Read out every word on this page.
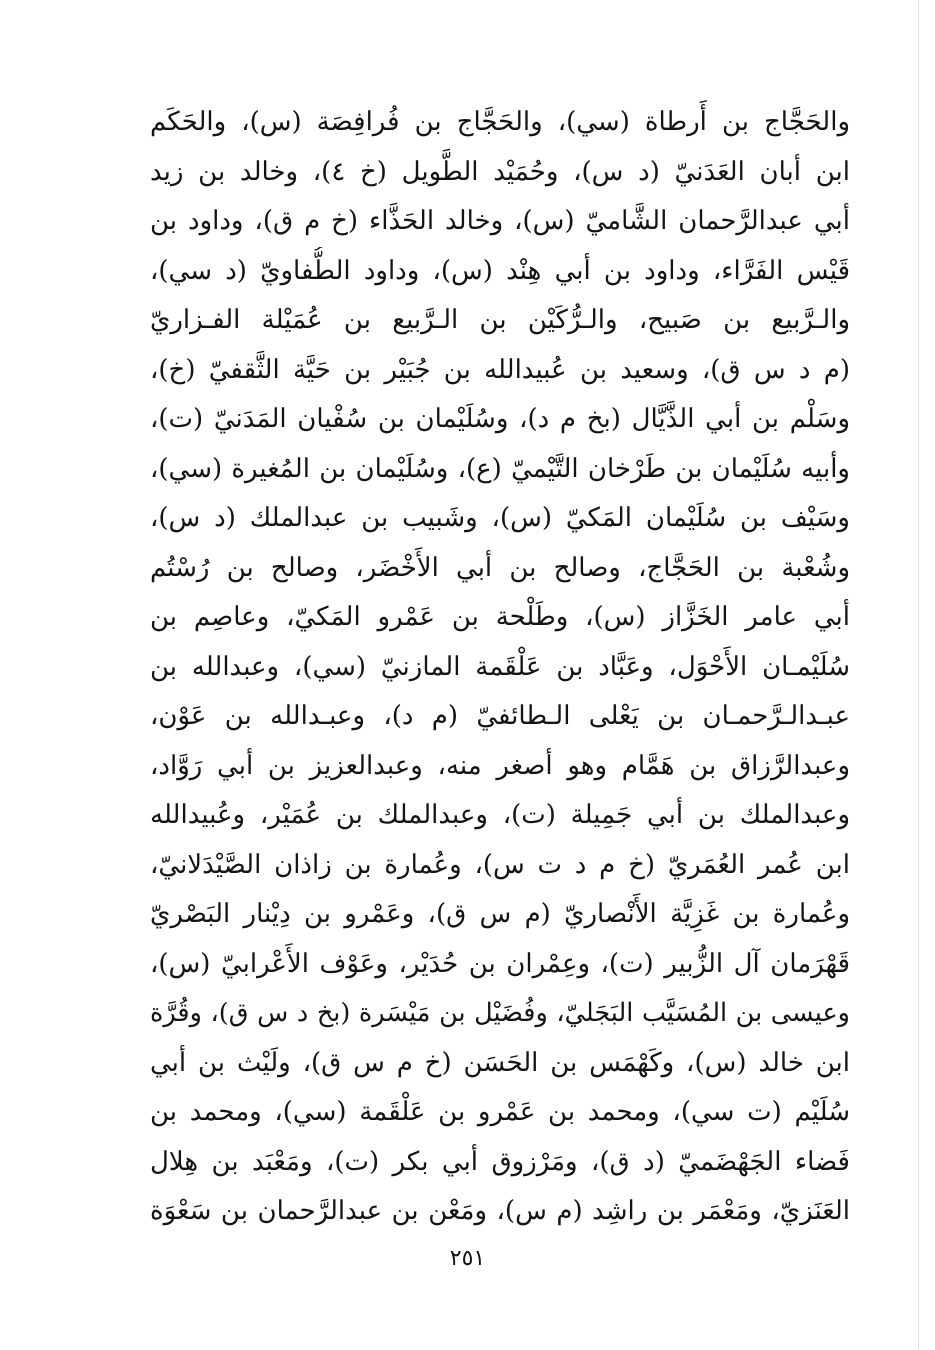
والحَجَّاج بن أَرطاة (سي)، والحَجَّاج بن فُرافِصَة (س)، والحَكَم
ابن أبان العَدَنيّ (د س)، وحُمَيْد الطَّويل (خ ٤)، وخالد بن زيد
أبي عبدالرَّحمان الشَّاميّ (س)، وخالد الحَذَّاء (خ م ق)، وداود بن
قَيْس الفَرَّاء، وداود بن أبي هِنْد (س)، وداود الطُّفاويّ (د سي)،
والـرَّبيع بن صَبيح، والـرُّكَيْن بن الـرَّبيع بن عُمَيْلة الفـزاريّ
(م د س ق)، وسعيد بن عُبيدالله بن جُبَيْر بن حَيَّة الثَّقفيّ (خ)،
وسَلْم بن أبي الذَّيَّال (بخ م د)، وسُلَيْمان بن سُفْيان المَدَنيّ (ت)،
وأبيه سُلَيْمان بن طَرْخان التَّيْميّ (ع)، وسُلَيْمان بن المُغيرة (سي)،
وسَيْف بن سُلَيْمان المَكيّ (س)، وشَبيب بن عبدالملك (د س)،
وشُعْبة بن الحَجَّاج، وصالح بن أبي الأَخْضَر، وصالح بن رُسْتُم
أبي عامر الخَزَّاز (س)، وطَلْحة بن عَمْرو المَكيّ، وعاصِم بن
سُلَيْمـان الأَحْوَل، وعَبَّاد بن عَلْقَمة المازنيّ (سي)، وعبدالله بن
عبـدالـرَّحمـان بن يَعْلى الـطائفيّ (م د)، وعبـدالله بن عَوْن،
وعبدالرَّزاق بن هَمَّام وهو أصغر منه، وعبدالعزيز بن أبي رَوَّاد،
وعبدالملك بن أبي جَمِيلة (ت)، وعبدالملك بن عُمَيْر، وعُبيدالله
ابن عُمر العُمَريّ (خ م د ت س)، وعُمارة بن زاذان الصَّيْدَلانيّ،
وعُمارة بن غَزِيَّة الأَنْصاريّ (م س ق)، وعَمْرو بن دِيْنار البَصْريّ
قَهْرَمان آل الزُّبير (ت)، وعِمْران بن حُدَيْر، وعَوْف الأَعْرابيّ (س)،
وعيسى بن المُسَيَّب البَجَليّ، وفُضَيْل بن مَيْسَرة (بخ د س ق)، وقُرَّة
ابن خالد (س)، وكَهْمَس بن الحَسَن (خ م س ق)، ولَيْث بن أبي
سُلَيْم (ت سي)، ومحمد بن عَمْرو بن عَلْقَمة (سي)، ومحمد بن
فَضاء الجَهْضَميّ (د ق)، ومَرْزوق أبي بكر (ت)، ومَعْبَد بن هِلال
العَنَزيّ، ومَعْمَر بن راشِد (م س)، ومَعْن بن عبدالرَّحمان بن سَعْوَة
٢٥١
